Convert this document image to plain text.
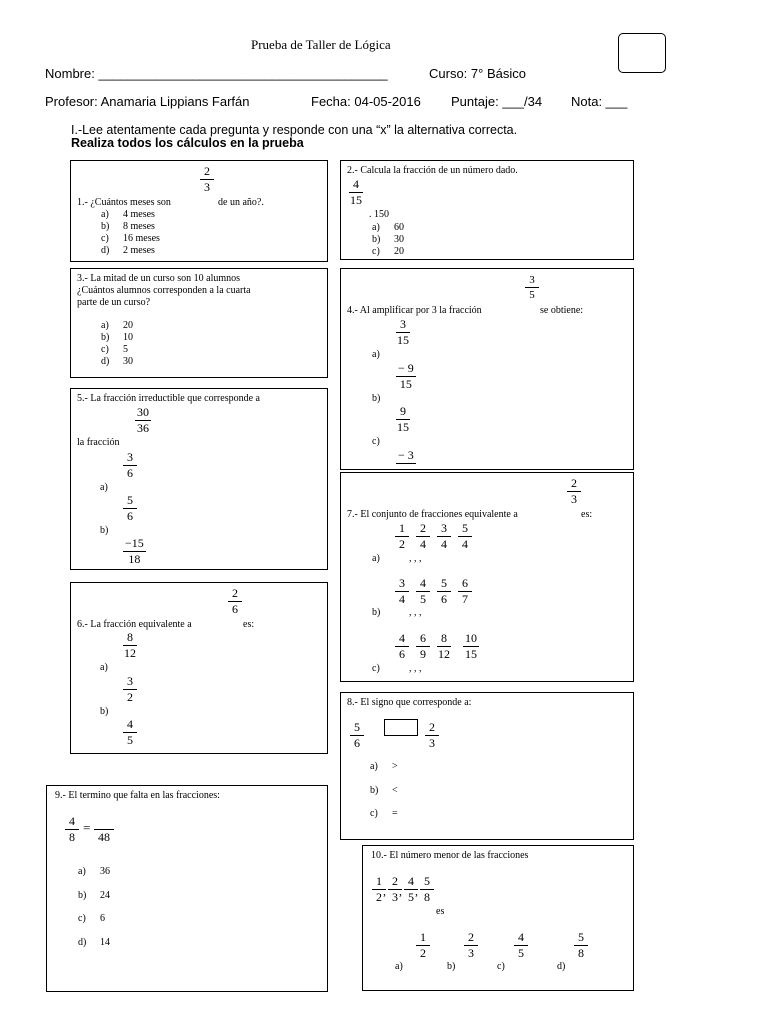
Prueba de Taller de Lógica
Nombre: ________________________________________	Curso: 7° Básico
Profesor: Anamaria Lippians Farfán	Fecha: 04-05-2016 Puntaje: ___/34 Nota: ___
I.-Lee atentamente cada pregunta y responde con una “x” la alternativa correcta.
Realiza todos los cálculos en la prueba
$\frac{2}{3}$
1.- ¿Cuántos meses son	de un año?.
a) 4 meses
b) 8 meses
c) 16 meses
d) 2 meses
2.- Calcula la fracción de un número dado.
$\frac{4}{15}$
. 150
a) 60
b) 30
c) 20
3.- La mitad de un curso son 10 alumnos
¿Cuántos alumnos corresponden a la cuarta
parte de un curso?
a) 20
b) 10
c) 5
d) 30
$\frac{3}{5}$
4.- Al amplificar por 3 la fracción	se obtiene:
$\frac{3}{15}$
a)
$\frac{- 9}{15}$
b)
$\frac{9}{15}$
c)
− 3
5.- La fracción irreductible que corresponde a
$\frac{30}{36}$
la fracción
$\frac{3}{6}$
a)
$\frac{5}{6}$
b)
$\frac{-15}{18}$
$\frac{2}{6}$
6.- La fracción equivalente a	es:
$\frac{8}{12}$
a)
$\frac{3}{2}$
b)
$\frac{4}{5}$
$\frac{2}{3}$
7.- El conjunto de fracciones equivalente a	es:
$\frac{1}{2} \frac{2}{4} \frac{3}{4} \frac{5}{4}$
a)	, , ,
$\frac{3}{4} \frac{4}{5} \frac{5}{6} \frac{6}{7}$
b)	, , ,
$\frac{4}{6} \frac{6}{9} \frac{8}{12} \frac{10}{15}$
c)	, , ,
8.- El signo que corresponde a:
$\frac{5}{6}$	$\frac{2}{3}$
a) >
b) <
c) =
9.- El termino que falta en las fracciones:
$\frac{4}{8}$ =
48
a) 36
b) 24
c) 6
d) 14
10.- El número menor de las fracciones
$\frac{1}{2}$
, $\frac{2}{3}$
, $\frac{4}{5}$
, $\frac{5}{8}$
es
$\frac{1}{2}$	$\frac{2}{3}$	$\frac{4}{5}$	$\frac{5}{8}$
a)	b)	c)	d)
